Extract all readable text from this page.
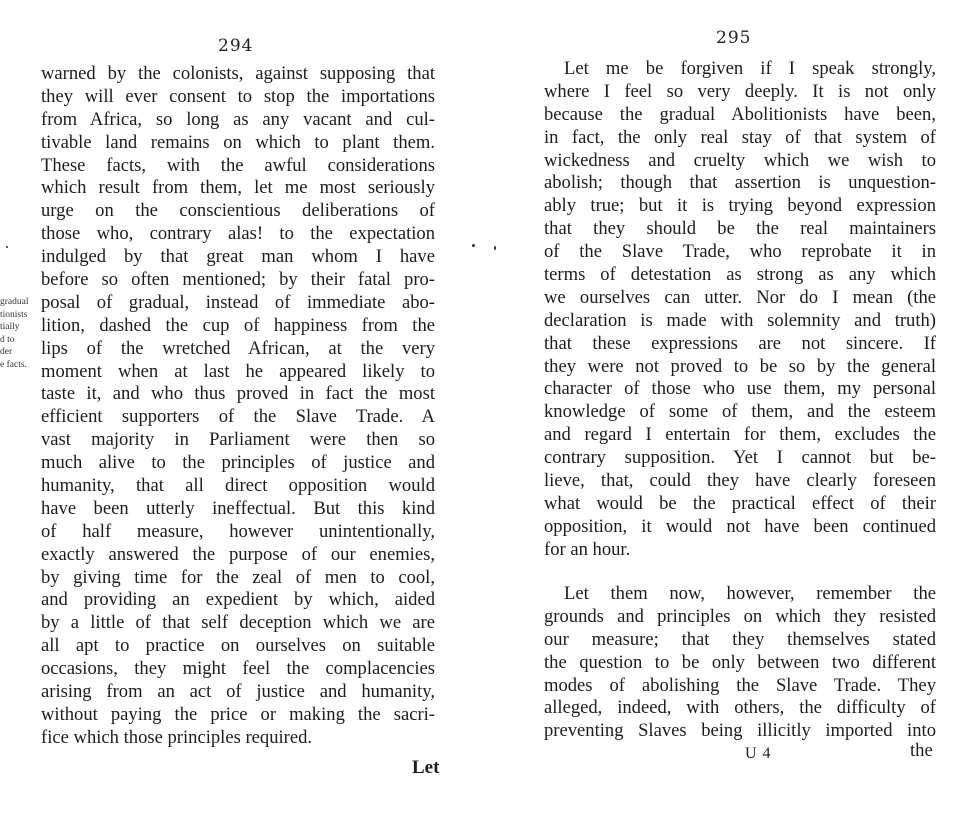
294
gradual
tionists
tially
d to
der
e facts.
warned by the colonists, against supposing that
they will ever consent to stop the importations
from Africa, so long as any vacant and cul-
tivable land remains on which to plant them.
These facts, with the awful considerations
which result from them, let me most seriously
urge on the conscientious deliberations of
those who, contrary alas! to the expectation
indulged by that great man whom I have
before so often mentioned; by their fatal pro-
posal of gradual, instead of immediate abo-
lition, dashed the cup of happiness from the
lips of the wretched African, at the very
moment when at last he appeared likely to
taste it, and who thus proved in fact the most
efficient supporters of the Slave Trade. A
vast majority in Parliament were then so
much alive to the principles of justice and
humanity, that all direct opposition would
have been utterly ineffectual. But this kind
of half measure, however unintentionally,
exactly answered the purpose of our enemies,
by giving time for the zeal of men to cool,
and providing an expedient by which, aided
by a little of that self deception which we are
all apt to practice on ourselves on suitable
occasions, they might feel the complacencies
arising from an act of justice and humanity,
without paying the price or making the sacri-
fice which those principles required.
Let
295
Let me be forgiven if I speak strongly,
where I feel so very deeply. It is not only
because the gradual Abolitionists have been,
in fact, the only real stay of that system of
wickedness and cruelty which we wish to
abolish; though that assertion is unquestion-
ably true; but it is trying beyond expression
that they should be the real maintainers
of the Slave Trade, who reprobate it in
terms of detestation as strong as any which
we ourselves can utter. Nor do I mean (the
declaration is made with solemnity and truth)
that these expressions are not sincere. If
they were not proved to be so by the general
character of those who use them, my personal
knowledge of some of them, and the esteem
and regard I entertain for them, excludes the
contrary supposition. Yet I cannot but be-
lieve, that, could they have clearly foreseen
what would be the practical effect of their
opposition, it would not have been continued
for an hour.
Let them now, however, remember the
grounds and principles on which they resisted
our measure; that they themselves stated
the question to be only between two different
modes of abolishing the Slave Trade. They
alleged, indeed, with others, the difficulty of
preventing Slaves being illicitly imported into
U 4	the
